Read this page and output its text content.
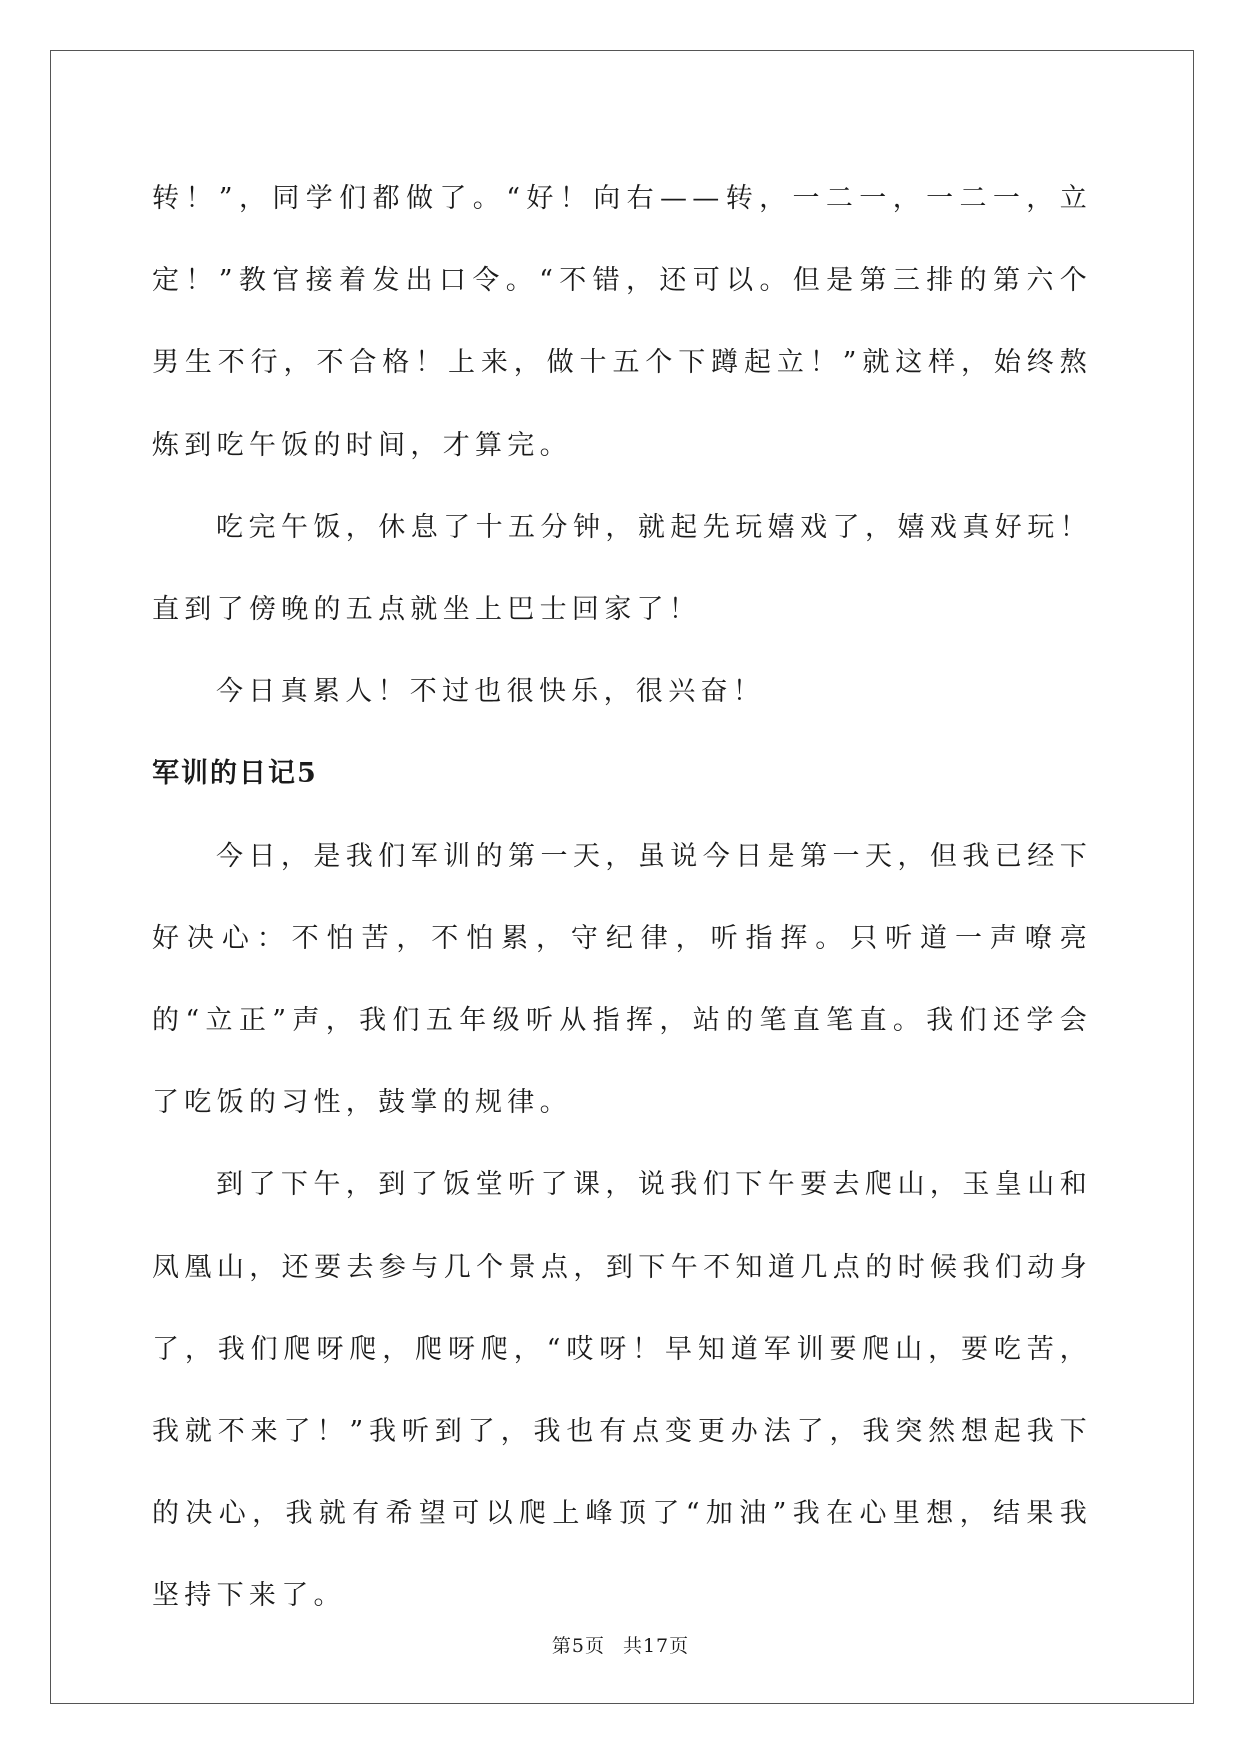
转！”，同学们都做了。“好！向右——转，一二一，一二一，立定！”教官接着发出口令。“不错，还可以。但是第三排的第六个男生不行，不合格！上来，做十五个下蹲起立！”就这样，始终熬炼到吃午饭的时间，才算完。

吃完午饭，休息了十五分钟，就起先玩嬉戏了，嬉戏真好玩！直到了傍晚的五点就坐上巴士回家了！

今日真累人！不过也很快乐，很兴奋！

军训的日记5

今日，是我们军训的第一天，虽说今日是第一天，但我已经下好决心：不怕苦，不怕累，守纪律，听指挥。只听道一声嘹亮的“立正”声，我们五年级听从指挥，站的笔直笔直。我们还学会了吃饭的习性，鼓掌的规律。

到了下午，到了饭堂听了课，说我们下午要去爬山，玉皇山和凤凰山，还要去参与几个景点，到下午不知道几点的时候我们动身了，我们爬呀爬，爬呀爬，“哎呀！早知道军训要爬山，要吃苦，我就不来了！”我听到了，我也有点变更办法了，我突然想起我下的决心，我就有希望可以爬上峰顶了“加油”我在心里想，结果我坚持下来了。

第5页 共17页
